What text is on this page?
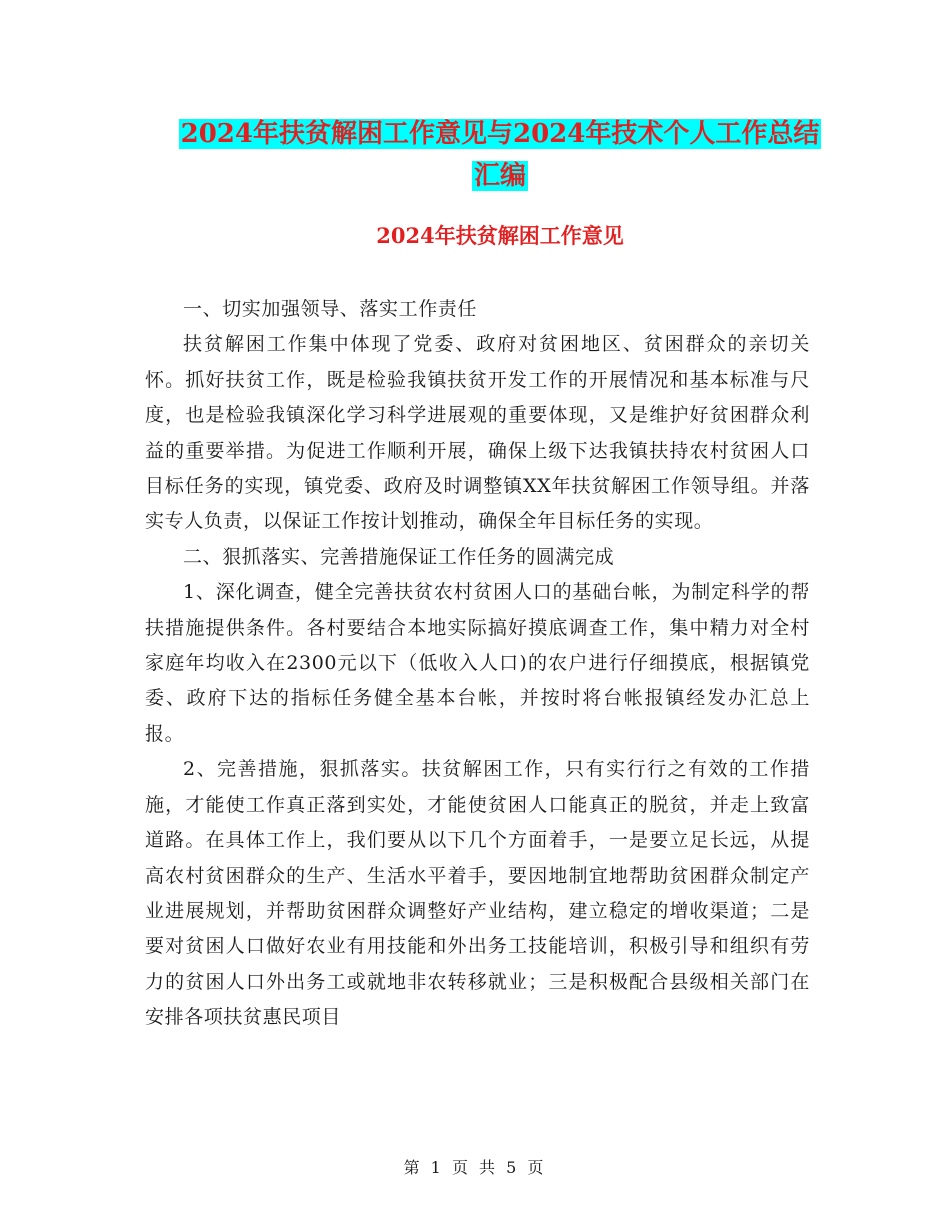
2024年扶贫解困工作意见与2024年技术个人工作总结
汇编
2024年扶贫解困工作意见

一、切实加强领导、落实工作责任

扶贫解困工作集中体现了党委、政府对贫困地区、贫困群众的亲切关怀。抓好扶贫工作，既是检验我镇扶贫开发工作的开展情况和基本标准与尺度，也是检验我镇深化学习科学进展观的重要体现，又是维护好贫困群众利益的重要举措。为促进工作顺利开展，确保上级下达我镇扶持农村贫困人口目标任务的实现，镇党委、政府及时调整镇XX年扶贫解困工作领导组。并落实专人负责，以保证工作按计划推动，确保全年目标任务的实现。

二、狠抓落实、完善措施保证工作任务的圆满完成

1、深化调查，健全完善扶贫农村贫困人口的基础台帐，为制定科学的帮扶措施提供条件。各村要结合本地实际搞好摸底调查工作，集中精力对全村家庭年均收入在2300元以下（低收入人口)的农户进行仔细摸底，根据镇党委、政府下达的指标任务健全基本台帐，并按时将台帐报镇经发办汇总上报。

2、完善措施，狠抓落实。扶贫解困工作，只有实行行之有效的工作措施，才能使工作真正落到实处，才能使贫困人口能真正的脱贫，并走上致富道路。在具体工作上，我们要从以下几个方面着手，一是要立足长远，从提高农村贫困群众的生产、生活水平着手，要因地制宜地帮助贫困群众制定产业进展规划，并帮助贫困群众调整好产业结构，建立稳定的增收渠道；二是要对贫困人口做好农业有用技能和外出务工技能培训，积极引导和组织有劳力的贫困人口外出务工或就地非农转移就业；三是积极配合县级相关部门在安排各项扶贫惠民项目

第 1 页 共 5 页
